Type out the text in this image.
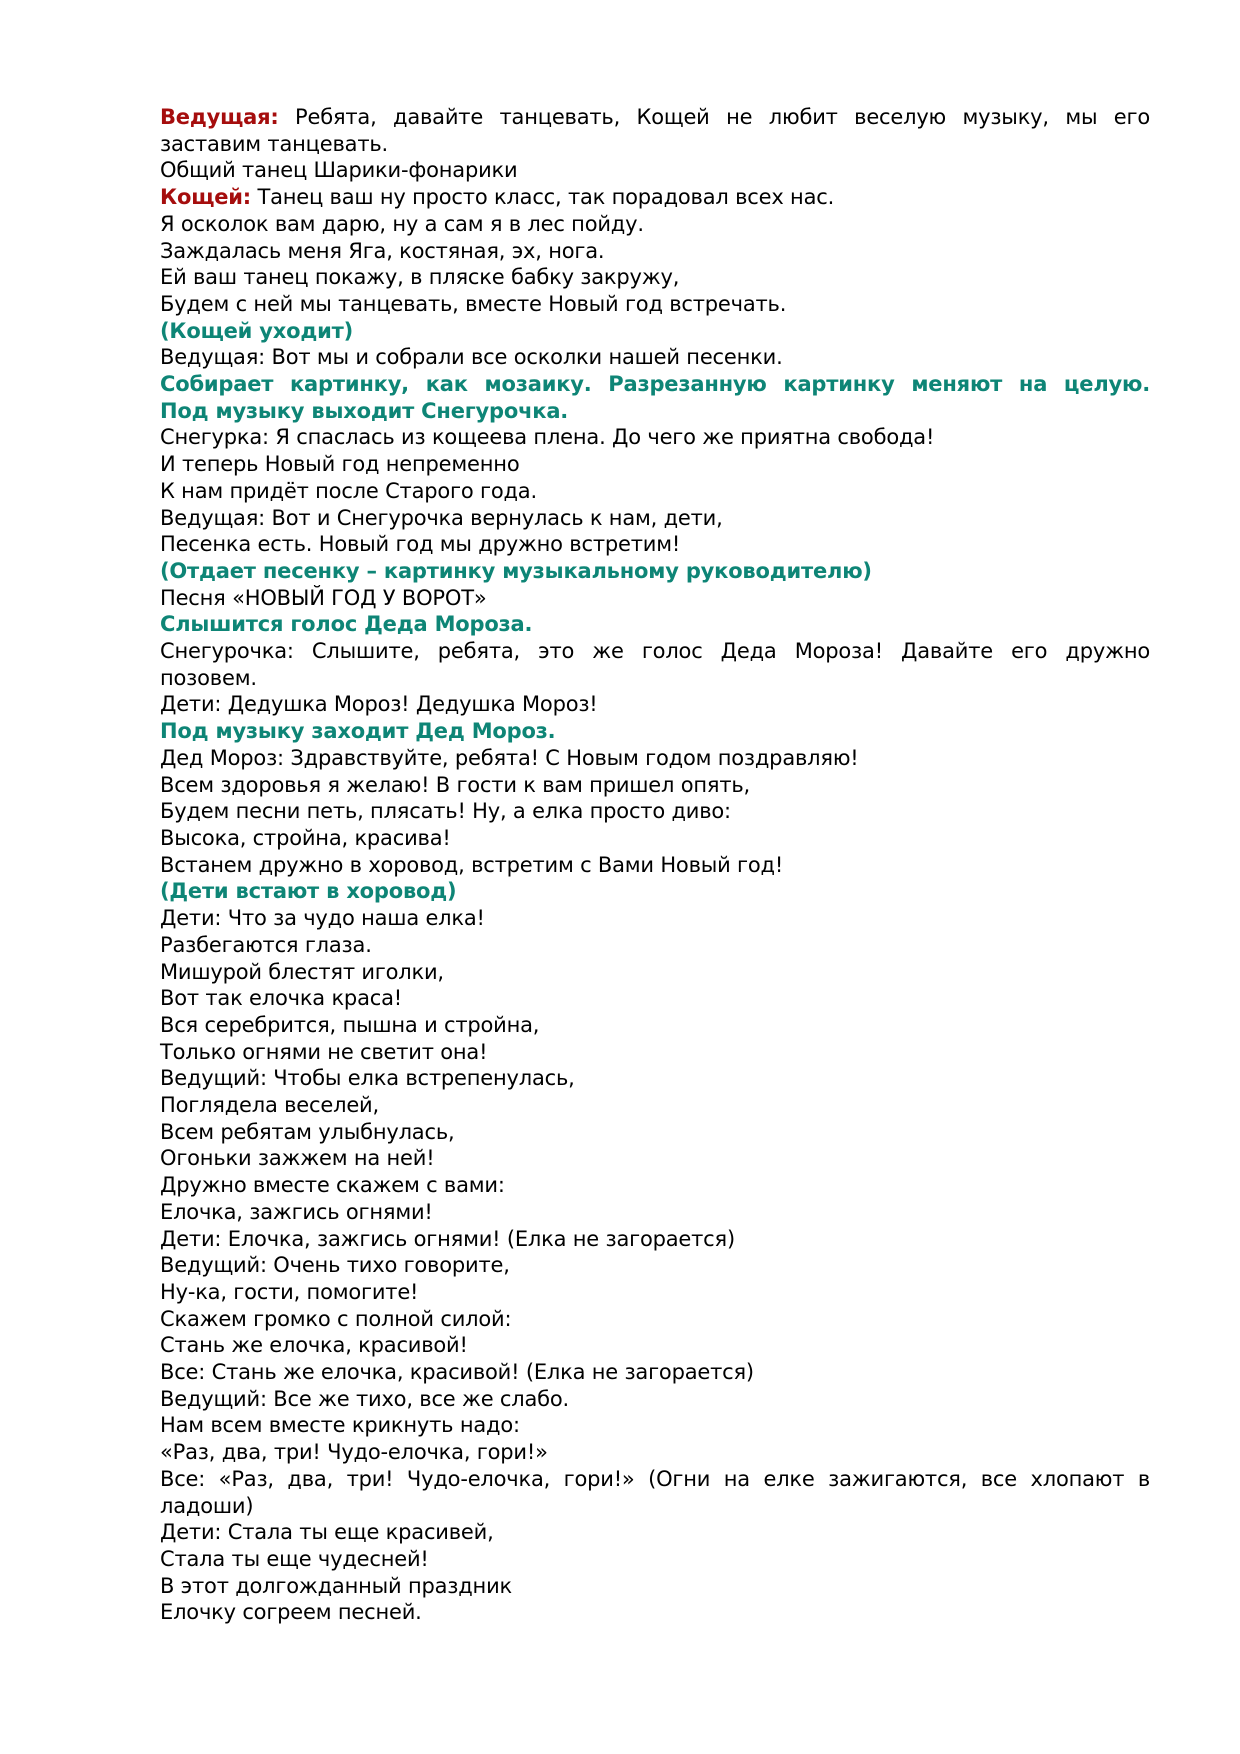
Ведущая: Ребята, давайте танцевать, Кощей не любит веселую музыку, мы его
заставим танцевать.
Общий танец Шарики-фонарики
Кощей: Танец ваш ну просто класс, так порадовал всех нас.
Я осколок вам дарю, ну а сам я в лес пойду.
Заждалась меня Яга, костяная, эх, нога.
Ей ваш танец покажу, в пляске бабку закружу,
Будем с ней мы танцевать, вместе Новый год встречать.
(Кощей уходит)
Ведущая: Вот мы и собрали все осколки нашей песенки.
Собирает картинку, как мозаику. Разрезанную картинку меняют на целую.
Под музыку выходит Снегурочка.
Снегурка: Я спаслась из кощеева плена. До чего же приятна свобода!
И теперь Новый год непременно
К нам придёт после Старого года.
Ведущая: Вот и Снегурочка вернулась к нам, дети,
Песенка есть. Новый год мы дружно встретим!
(Отдает песенку – картинку музыкальному руководителю)
Песня «НОВЫЙ ГОД У ВОРОТ»
Слышится голос Деда Мороза.
Снегурочка: Слышите, ребята, это же голос Деда Мороза! Давайте его дружно
позовем.
Дети: Дедушка Мороз! Дедушка Мороз!
Под музыку заходит Дед Мороз.
Дед Мороз: Здравствуйте, ребята! С Новым годом поздравляю!
Всем здоровья я желаю! В гости к вам пришел опять,
Будем песни петь, плясать! Ну, а елка просто диво:
Высока, стройна, красива!
Встанем дружно в хоровод, встретим с Вами Новый год!
(Дети встают в хоровод)
Дети: Что за чудо наша елка!
Разбегаются глаза.
Мишурой блестят иголки,
Вот так елочка краса!
Вся серебрится, пышна и стройна,
Только огнями не светит она!
Ведущий: Чтобы елка встрепенулась,
Поглядела веселей,
Всем ребятам улыбнулась,
Огоньки зажжем на ней!
Дружно вместе скажем с вами:
Елочка, зажгись огнями!
Дети: Елочка, зажгись огнями! (Елка не загорается)
Ведущий: Очень тихо говорите,
Ну-ка, гости, помогите!
Скажем громко с полной силой:
Стань же елочка, красивой!
Все: Стань же елочка, красивой! (Елка не загорается)
Ведущий: Все же тихо, все же слабо.
Нам всем вместе крикнуть надо:
«Раз, два, три! Чудо-елочка, гори!»
Все: «Раз, два, три! Чудо-елочка, гори!» (Огни на елке зажигаются, все хлопают в
ладоши)
Дети: Стала ты еще красивей,
Стала ты еще чудесней!
В этот долгожданный праздник
Елочку согреем песней.
